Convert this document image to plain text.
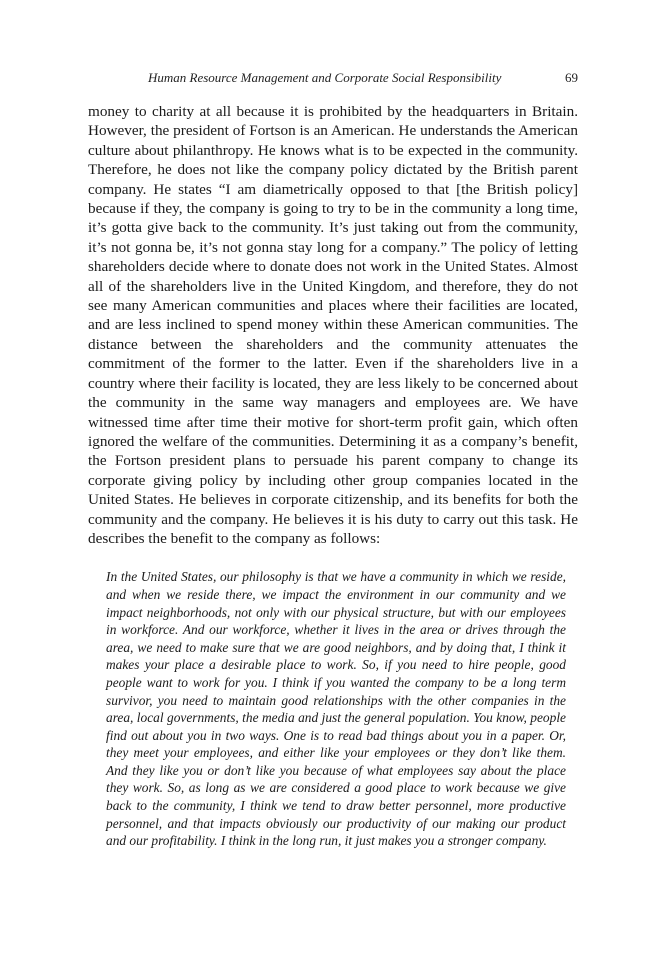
Human Resource Management and Corporate Social Responsibility	69

money to charity at all because it is prohibited by the headquarters in Britain. However, the president of Fortson is an American. He understands the American culture about philanthropy. He knows what is to be expected in the community. Therefore, he does not like the company policy dictated by the British parent company. He states “I am diametrically opposed to that [the British policy] because if they, the company is going to try to be in the community a long time, it’s gotta give back to the community. It’s just taking out from the community, it’s not gonna be, it’s not gonna stay long for a company.” The policy of letting shareholders decide where to donate does not work in the United States. Almost all of the shareholders live in the United Kingdom, and therefore, they do not see many American communities and places where their facilities are located, and are less inclined to spend money within these American communities. The distance between the shareholders and the community attenuates the commitment of the former to the latter. Even if the shareholders live in a country where their facility is located, they are less likely to be concerned about the community in the same way managers and employees are. We have witnessed time after time their motive for short-term profit gain, which often ignored the welfare of the communities. Determining it as a company’s benefit, the Fortson president plans to persuade his parent company to change its corporate giving policy by including other group companies located in the United States. He believes in corporate citizenship, and its benefits for both the community and the company. He believes it is his duty to carry out this task. He describes the benefit to the company as follows:

In the United States, our philosophy is that we have a community in which we reside, and when we reside there, we impact the environment in our community and we impact neighborhoods, not only with our physical structure, but with our employees in workforce. And our workforce, whether it lives in the area or drives through the area, we need to make sure that we are good neighbors, and by doing that, I think it makes your place a desirable place to work. So, if you need to hire people, good people want to work for you. I think if you wanted the company to be a long term survivor, you need to maintain good relationships with the other companies in the area, local governments, the media and just the general population. You know, people find out about you in two ways. One is to read bad things about you in a paper. Or, they meet your employees, and either like your employees or they don’t like them. And they like you or don’t like you because of what employees say about the place they work. So, as long as we are considered a good place to work because we give back to the community, I think we tend to draw better personnel, more productive personnel, and that impacts obviously our productivity of our making our product and our profitability. I think in the long run, it just makes you a stronger company.
